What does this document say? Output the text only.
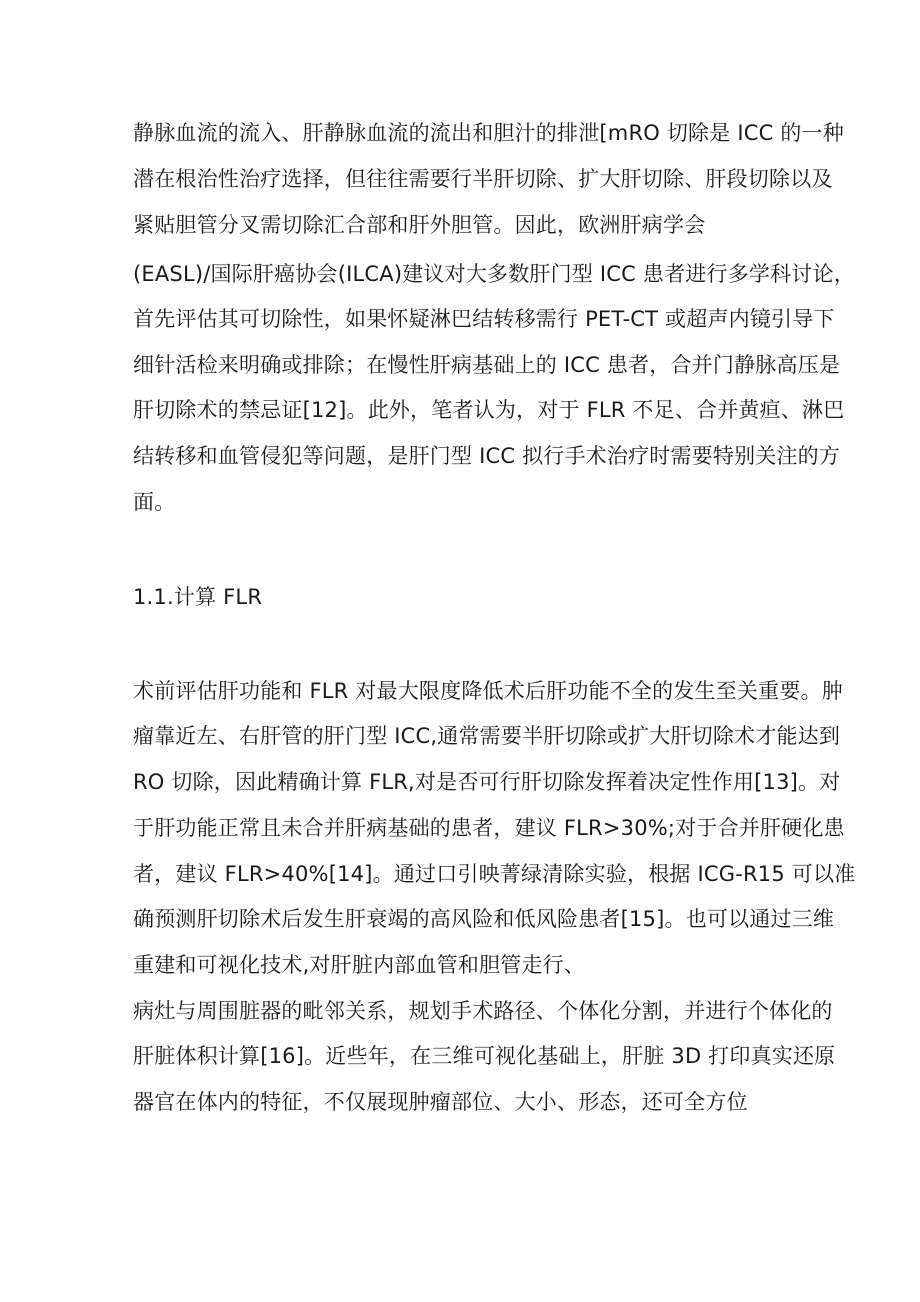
静脉血流的流入、肝静脉血流的流出和胆汁的排泄[mRO 切除是 ICC 的一种
潜在根治性治疗选择，但往往需要行半肝切除、扩大肝切除、肝段切除以及
紧贴胆管分叉需切除汇合部和肝外胆管。因此，欧洲肝病学会
(EASL)/国际肝癌协会(ILCA)建议对大多数肝门型 ICC 患者进行多学科讨论，
首先评估其可切除性，如果怀疑淋巴结转移需行 PET-CT 或超声内镜引导下
细针活检来明确或排除；在慢性肝病基础上的 ICC 患者，合并门静脉高压是
肝切除术的禁忌证[12]。此外，笔者认为，对于 FLR 不足、合并黄疸、淋巴
结转移和血管侵犯等问题，是肝门型 ICC 拟行手术治疗时需要特别关注的方
面。
1.1.计算 FLR
术前评估肝功能和 FLR 对最大限度降低术后肝功能不全的发生至关重要。肿
瘤靠近左、右肝管的肝门型 ICC,通常需要半肝切除或扩大肝切除术才能达到
RO 切除，因此精确计算 FLR,对是否可行肝切除发挥着决定性作用[13]。对
于肝功能正常且未合并肝病基础的患者，建议 FLR>30%;对于合并肝硬化患
者，建议 FLR>40%[14]。通过口引映菁绿清除实验，根据 ICG-R15 可以准
确预测肝切除术后发生肝衰竭的高风险和低风险患者[15]。也可以通过三维
重建和可视化技术,对肝脏内部血管和胆管走行、
病灶与周围脏器的毗邻关系，规划手术路径、个体化分割，并进行个体化的
肝脏体积计算[16]。近些年，在三维可视化基础上，肝脏 3D 打印真实还原
器官在体内的特征，不仅展现肿瘤部位、大小、形态，还可全方位
